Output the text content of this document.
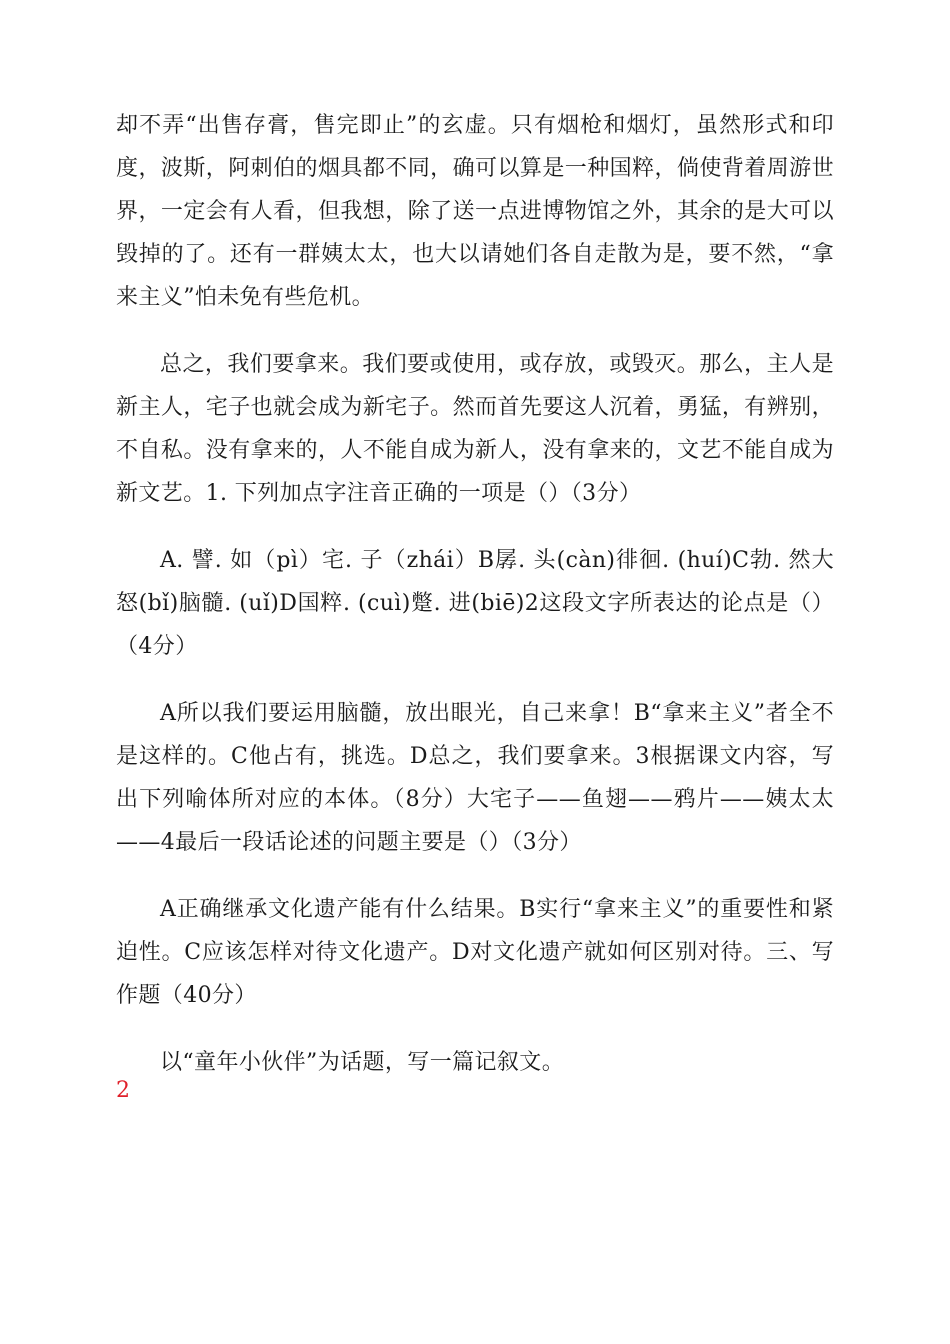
却不弄“出售存膏，售完即止”的玄虚。只有烟枪和烟灯，虽然形式和印度，波斯，阿刺伯的烟具都不同，确可以算是一种国粹，倘使背着周游世界，一定会有人看，但我想，除了送一点进博物馆之外，其余的是大可以毁掉的了。还有一群姨太太，也大以请她们各自走散为是，要不然，“拿来主义”怕未免有些危机。

总之，我们要拿来。我们要或使用，或存放，或毁灭。那么，主人是新主人，宅子也就会成为新宅子。然而首先要这人沉着，勇猛，有辨别，不自私。没有拿来的，人不能自成为新人，没有拿来的，文艺不能自成为新文艺。1. 下列加点字注音正确的一项是（）（3分）

A. 譬. 如（pì）宅. 子（zhái）B孱. 头(càn)徘徊. (huí)C勃. 然大怒(bǐ)脑髓. (uǐ)D国粹. (cuì)蹩. 进(biē)2这段文字所表达的论点是（）（4分）

A所以我们要运用脑髓，放出眼光，自己来拿！B“拿来主义”者全不是这样的。C他占有，挑选。D总之，我们要拿来。3根据课文内容，写出下列喻体所对应的本体。（8分）大宅子——鱼翅——鸦片——姨太太——4最后一段话论述的问题主要是（）（3分）

A正确继承文化遗产能有什么结果。B实行“拿来主义”的重要性和紧迫性。C应该怎样对待文化遗产。D对文化遗产就如何区别对待。三、写作题（40分）

以“童年小伙伴”为话题，写一篇记叙文。

2
